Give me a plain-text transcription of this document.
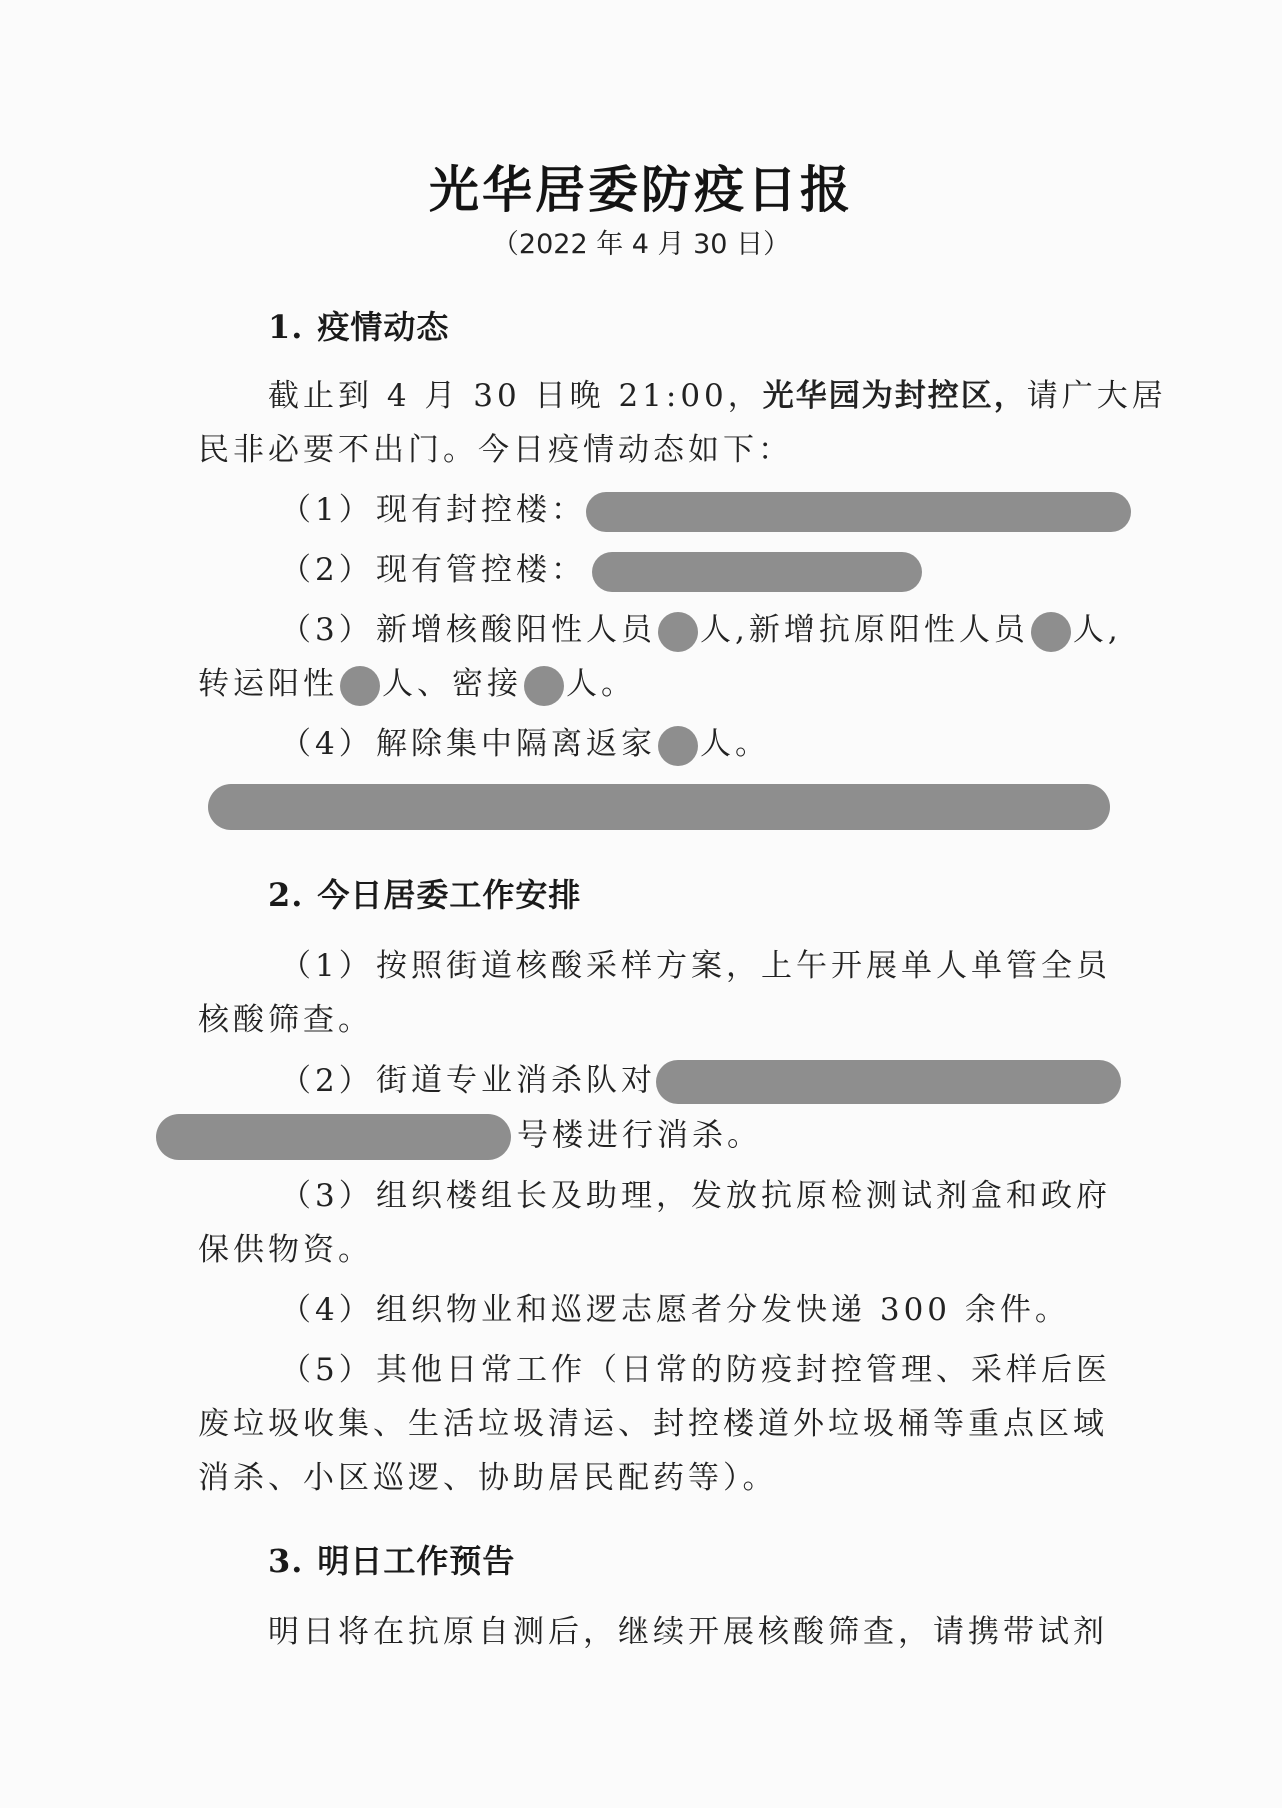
光华居委防疫日报
（2022 年 4 月 30 日）
1. 疫情动态
截止到 4 月 30 日晚 21:00，光华园为封控区，请广大居
民非必要不出门。今日疫情动态如下：
（1）现有封控楼：
（2）现有管控楼：
（3）新增核酸阳性人员 人,新增抗原阳性人员 人,
转运阳性 人、密接 人。
（4）解除集中隔离返家 人。
2. 今日居委工作安排
（1）按照街道核酸采样方案，上午开展单人单管全员
核酸筛查。
（2）街道专业消杀队对
号楼进行消杀。
（3）组织楼组长及助理，发放抗原检测试剂盒和政府
保供物资。
（4）组织物业和巡逻志愿者分发快递 300 余件。
（5）其他日常工作（日常的防疫封控管理、采样后医
废垃圾收集、生活垃圾清运、封控楼道外垃圾桶等重点区域
消杀、小区巡逻、协助居民配药等）。
3. 明日工作预告
明日将在抗原自测后，继续开展核酸筛查，请携带试剂
